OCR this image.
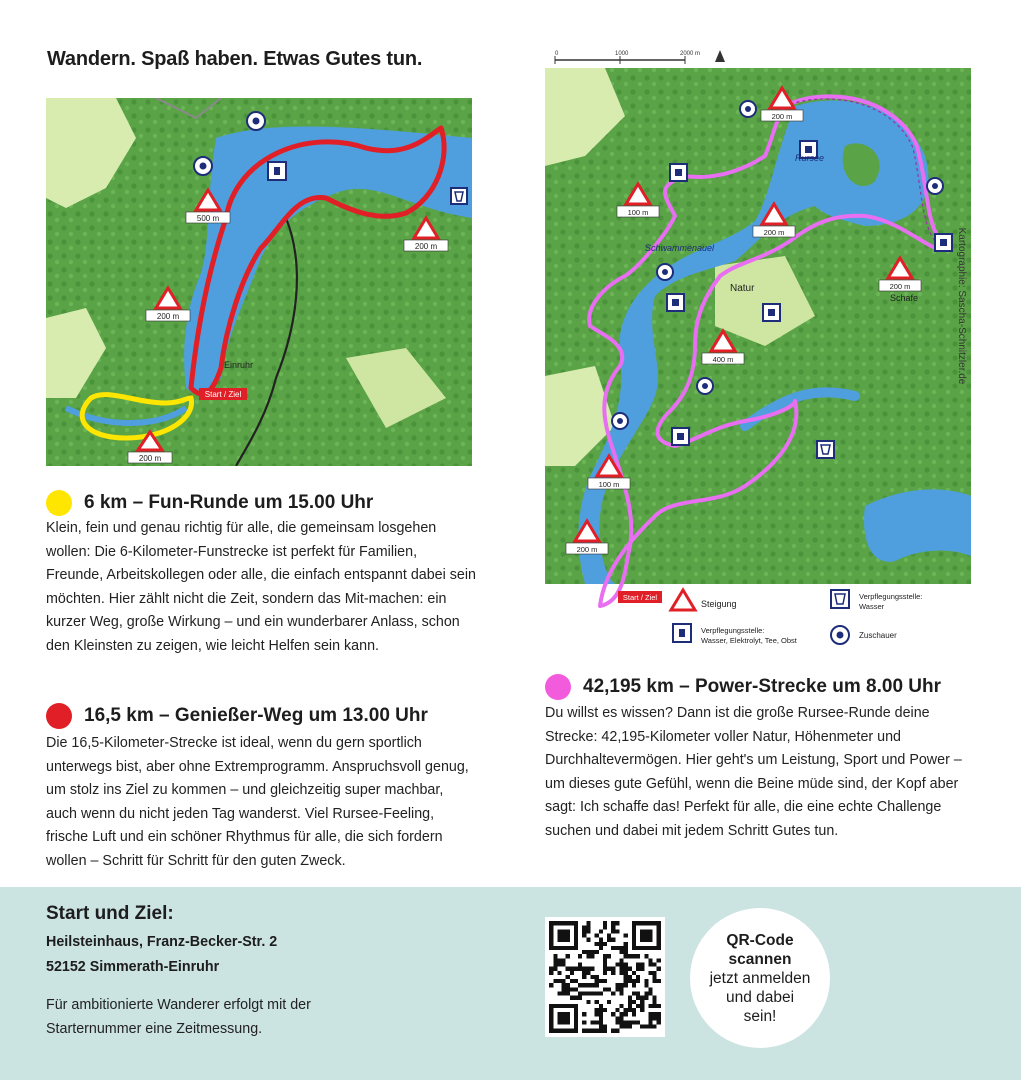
Wandern. Spaß haben. Etwas Gutes tun.
500 m
200 m
200 m
200 m
Einruhr
Start / Ziel
0	1000	2000 m
200 m
100 m
200 m
400 m
200 m
100 m
200 m
Schwammenauel
Natur
Schafe
Rursee
Kartographie: Sascha-Schnitzler.de
Start / Ziel
Steigung
Verpflegungsstelle:
Wasser, Elektrolyt, Tee, Obst
Verpflegungsstelle:
Wasser
Zuschauer
6 km – Fun-Runde um 15.00 Uhr

Klein, fein und genau richtig für alle, die gemeinsam losgehen wollen: Die 6-Kilometer-Funstrecke ist perfekt für Familien, Freunde, Arbeitskollegen oder alle, die einfach entspannt dabei sein möchten. Hier zählt nicht die Zeit, sondern das Mit-machen: ein kurzer Weg, große Wirkung – und ein wunderbarer Anlass, schon den Kleinsten zu zeigen, wie leicht Helfen sein kann.

16,5 km – Genießer-Weg um 13.00 Uhr

Die 16,5-Kilometer-Strecke ist ideal, wenn du gern sportlich unterwegs bist, aber ohne Extremprogramm. Anspruchsvoll genug, um stolz ins Ziel zu kommen – und gleichzeitig super machbar, auch wenn du nicht jeden Tag wanderst. Viel Rursee-Feeling, frische Luft und ein schöner Rhythmus für alle, die sich fordern wollen – Schritt für Schritt für den guten Zweck.

42,195 km – Power-Strecke um 8.00 Uhr

Du willst es wissen? Dann ist die große Rursee-Runde deine Strecke: 42,195-Kilometer voller Natur, Höhenmeter und Durchhaltevermögen. Hier geht's um Leistung, Sport und Power – um dieses gute Gefühl, wenn die Beine müde sind, der Kopf aber sagt: Ich schaffe das! Perfekt für alle, die eine echte Challenge suchen und dabei mit jedem Schritt Gutes tun.

Start und Ziel:

Heilsteinhaus, Franz-Becker-Str. 2

52152 Simmerath-Einruhr

Für ambitionierte Wanderer erfolgt mit der Starternummer eine Zeitmessung.

QR-Code
scannen
jetzt anmelden
und dabei
sein!
